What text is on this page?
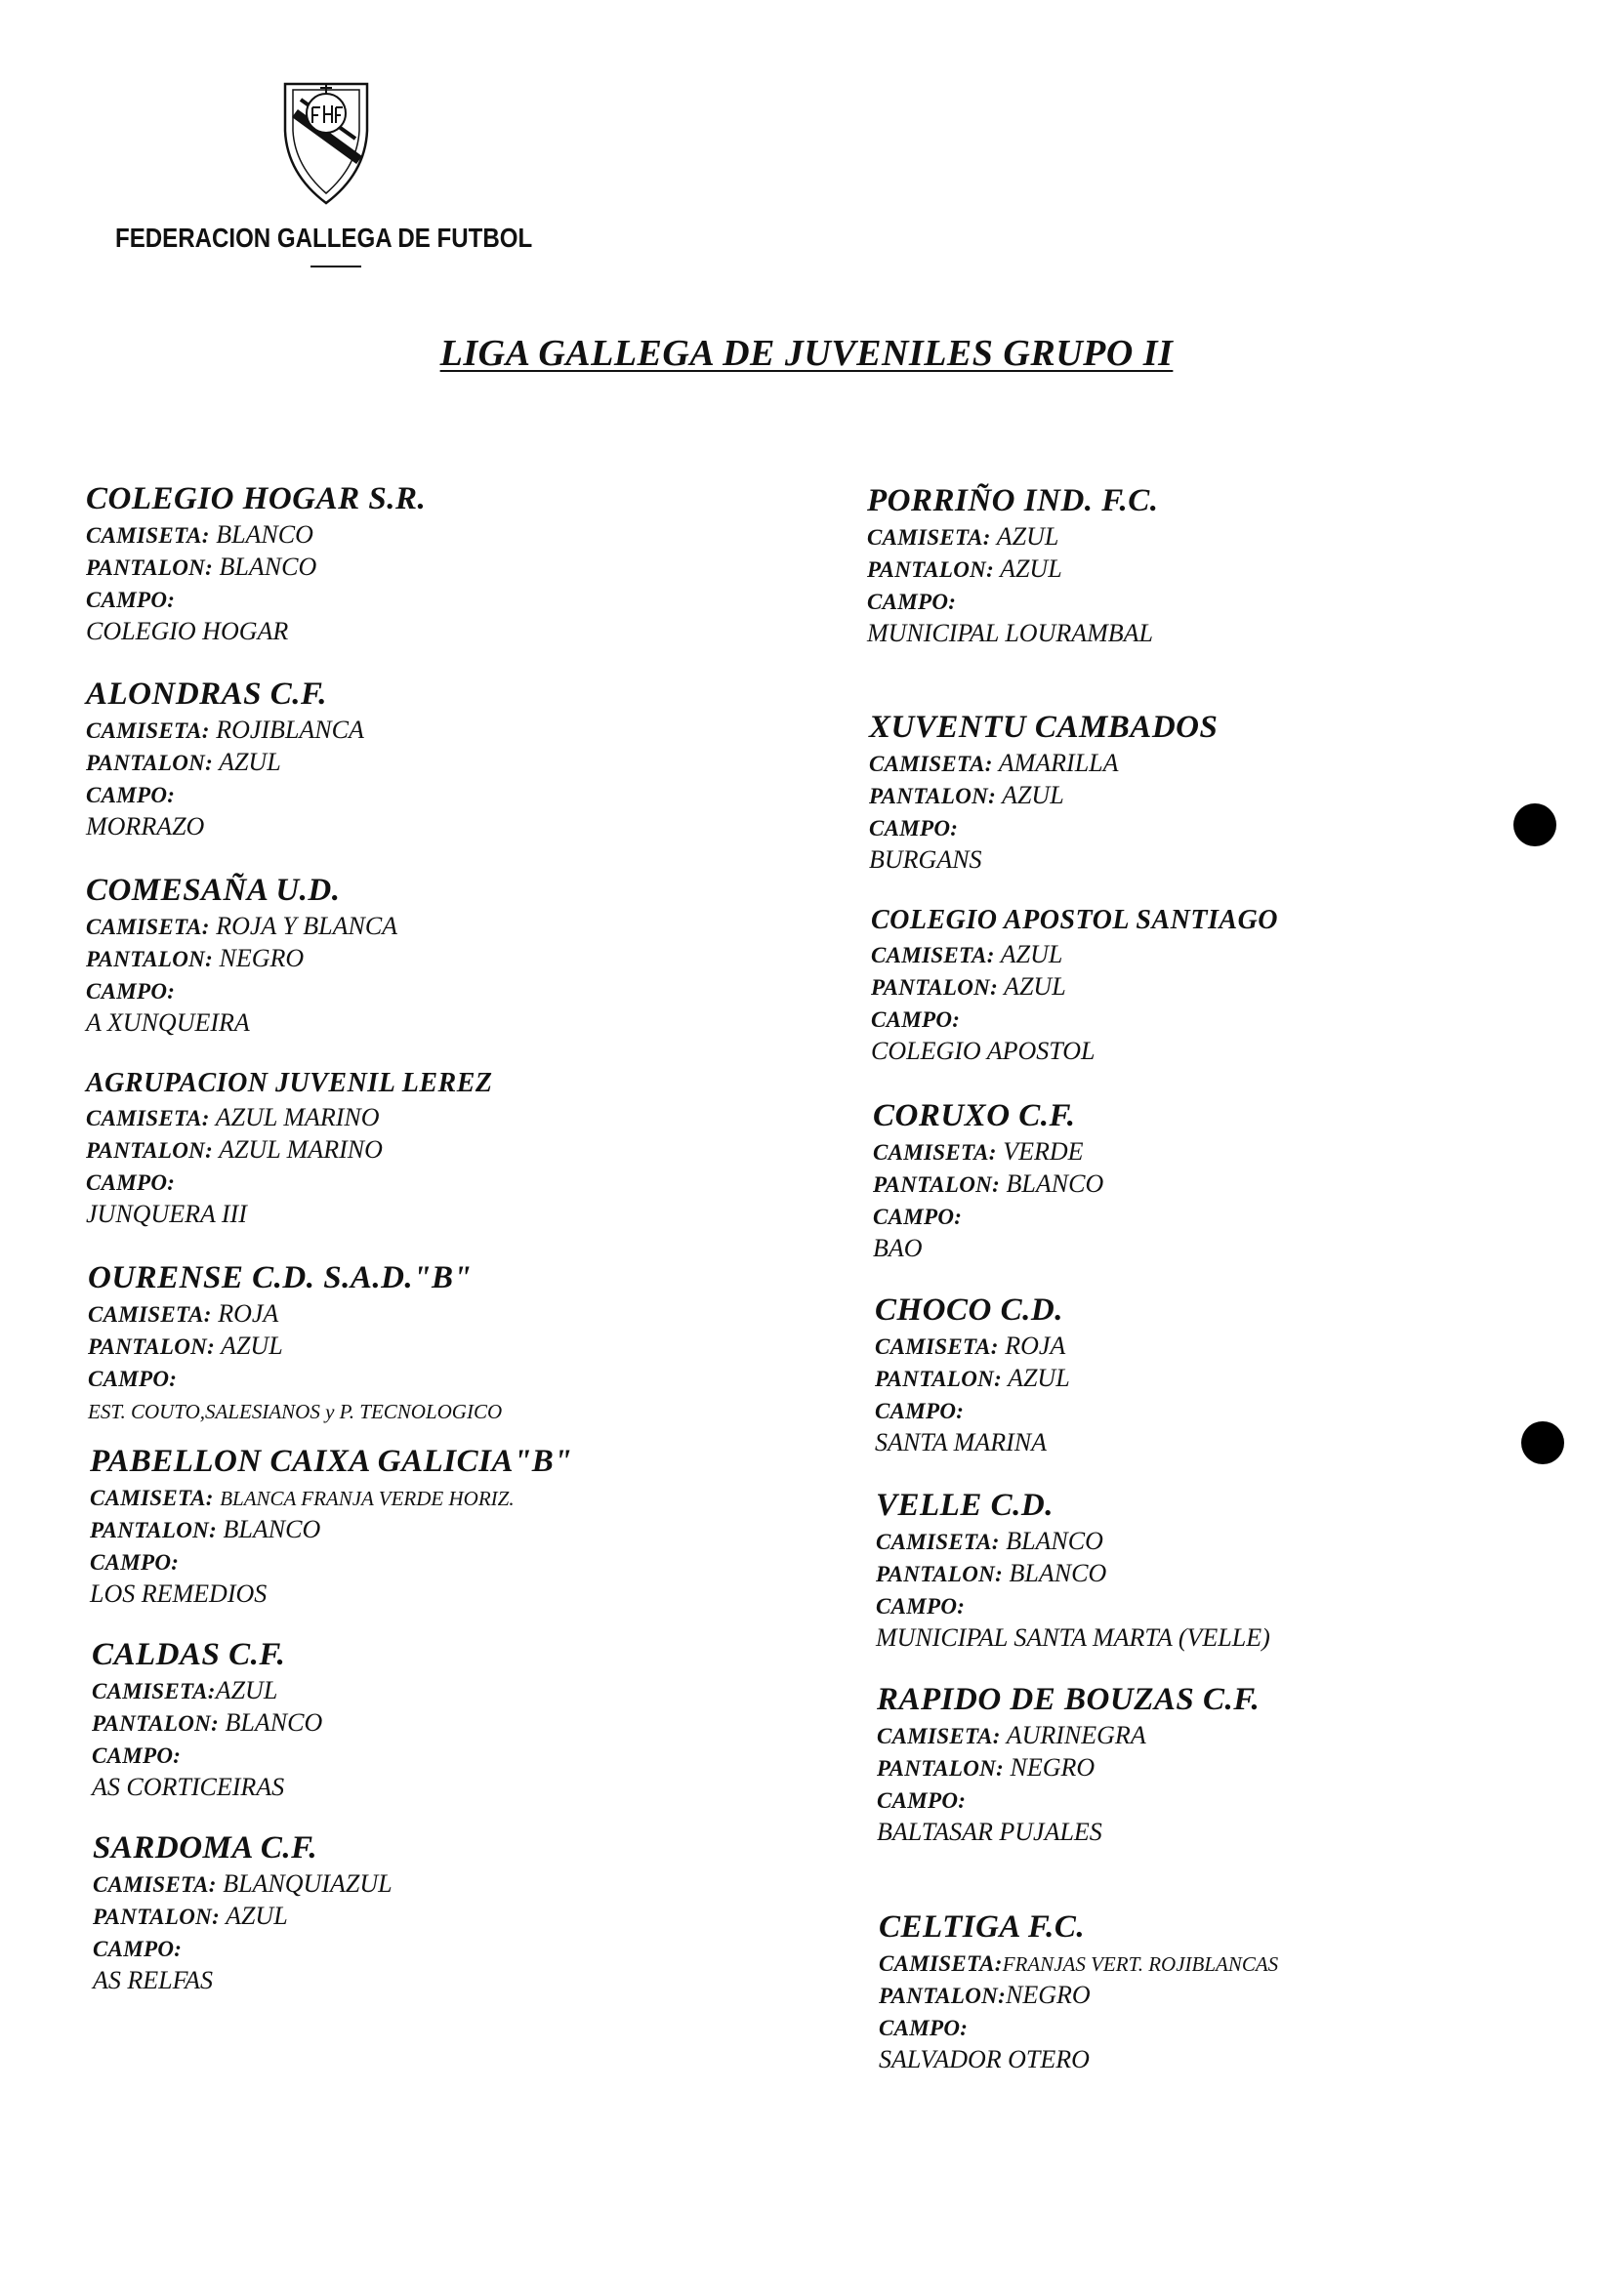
FEDERACION GALLEGA DE FUTBOL
LIGA GALLEGA DE JUVENILES GRUPO II
COLEGIO HOGAR S.R.
CAMISETA: BLANCO
PANTALON: BLANCO
CAMPO:
COLEGIO HOGAR
ALONDRAS C.F.
CAMISETA: ROJIBLANCA
PANTALON: AZUL
CAMPO:
MORRAZO
COMESAÑA U.D.
CAMISETA: ROJA Y BLANCA
PANTALON: NEGRO
CAMPO:
A XUNQUEIRA
AGRUPACION JUVENIL LEREZ
CAMISETA: AZUL MARINO
PANTALON: AZUL MARINO
CAMPO:
JUNQUERA III
OURENSE C.D. S.A.D."B"
CAMISETA: ROJA
PANTALON: AZUL
CAMPO:
EST. COUTO,SALESIANOS y P. TECNOLOGICO
PABELLON CAIXA GALICIA"B"
CAMISETA: BLANCA FRANJA VERDE HORIZ.
PANTALON: BLANCO
CAMPO:
LOS REMEDIOS
CALDAS C.F.
CAMISETA:AZUL
PANTALON: BLANCO
CAMPO:
AS CORTICEIRAS
SARDOMA C.F.
CAMISETA: BLANQUIAZUL
PANTALON: AZUL
CAMPO:
AS RELFAS
PORRIÑO IND. F.C.
CAMISETA: AZUL
PANTALON: AZUL
CAMPO:
MUNICIPAL LOURAMBAL
XUVENTU CAMBADOS
CAMISETA: AMARILLA
PANTALON: AZUL
CAMPO:
BURGANS
COLEGIO APOSTOL SANTIAGO
CAMISETA: AZUL
PANTALON: AZUL
CAMPO:
COLEGIO APOSTOL
CORUXO C.F.
CAMISETA: VERDE
PANTALON: BLANCO
CAMPO:
BAO
CHOCO C.D.
CAMISETA: ROJA
PANTALON: AZUL
CAMPO:
SANTA MARINA
VELLE C.D.
CAMISETA: BLANCO
PANTALON: BLANCO
CAMPO:
MUNICIPAL SANTA MARTA (VELLE)
RAPIDO DE BOUZAS C.F.
CAMISETA: AURINEGRA
PANTALON: NEGRO
CAMPO:
BALTASAR PUJALES
CELTIGA F.C.
CAMISETA:FRANJAS VERT. ROJIBLANCAS
PANTALON:NEGRO
CAMPO:
SALVADOR OTERO
